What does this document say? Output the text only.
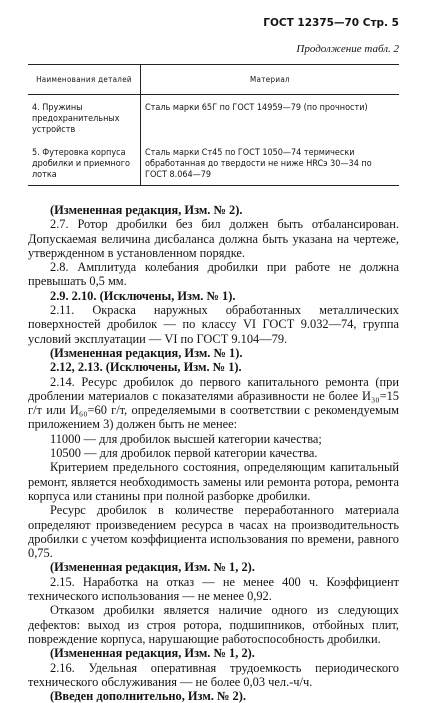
ГОСТ 12375—70 Стр. 5
Продолжение табл. 2
Наименования деталей	Материал
4. Пружины предохранительных устройств	Сталь марки 65Г по ГОСТ 14959—79 (по прочности)
5. Футеровка корпуса дробилки и приемного лотка	Сталь марки Ст45 по ГОСТ 1050—74 термически обработанная до твердости не ниже HRCэ 30—34 по ГОСТ 8.064—79

(Измененная редакция, Изм. № 2).

2.7. Ротор дробилки без бил должен быть отбалансирован. Допускаемая величина дисбаланса должна быть указана на чертеже, утвержденном в установленном порядке.

2.8. Амплитуда колебания дробилки при работе не должна превышать 0,5 мм.

2.9. 2.10. (Исключены, Изм. № 1).

2.11. Окраска наружных обработанных металлических поверхностей дробилок — по классу VI ГОСТ 9.032—74, группа условий эксплуатации — VI по ГОСТ 9.104—79.

(Измененная редакция, Изм. № 1).

2.12, 2.13. (Исключены, Изм. № 1).

2.14. Ресурс дробилок до первого капитального ремонта (при дроблении материалов с показателями абразивности не более И₃₀=15 г/т или И₆₀=60 г/т, определяемыми в соответствии с рекомендуемым приложением 3) должен быть не менее:

11000 — для дробилок высшей категории качества;

10500 — для дробилок первой категории качества.

Критерием предельного состояния, определяющим капитальный ремонт, является необходимость замены или ремонта ротора, ремонта корпуса или станины при полной разборке дробилки.

Ресурс дробилок в количестве переработанного материала определяют произведением ресурса в часах на производительность дробилки с учетом коэффициента использования по времени, равного 0,75.

(Измененная редакция, Изм. № 1, 2).

2.15. Наработка на отказ — не менее 400 ч. Коэффициент технического использования — не менее 0,92.

Отказом дробилки является наличие одного из следующих дефектов: выход из строя ротора, подшипников, отбойных плит, повреждение корпуса, нарушающие работоспособность дробилки.

(Измененная редакция, Изм. № 1, 2).

2.16. Удельная оперативная трудоемкость периодического технического обслуживания — не более 0,03 чел.-ч/ч.

(Введен дополнительно, Изм. № 2).
